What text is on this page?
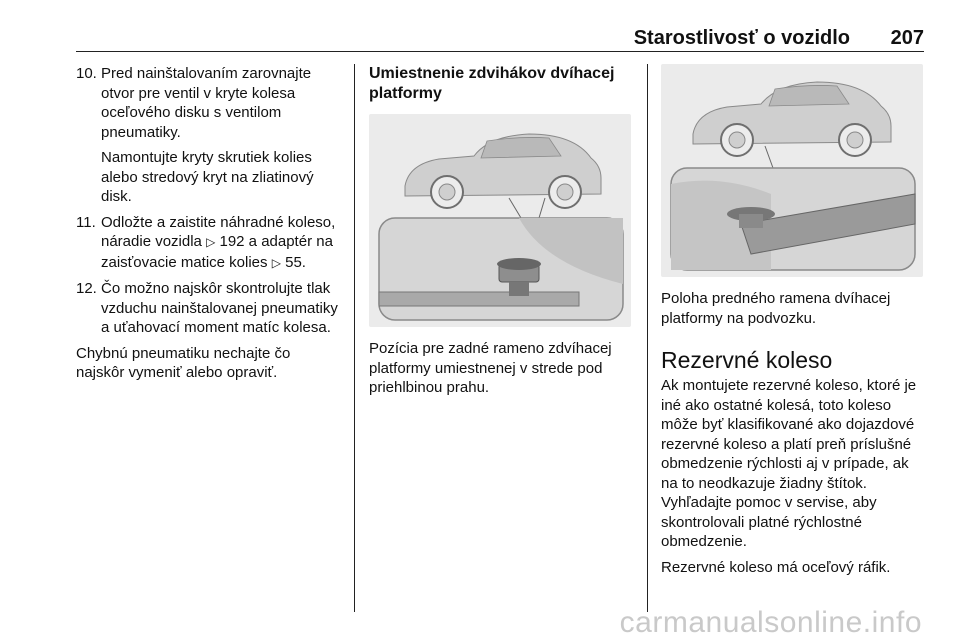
Starostlivosť o vozidlo 207
10. Pred nainštalovaním zarovnajte otvor pre ventil v kryte kolesa oceľového disku s ventilom pneumatiky.

Namontujte kryty skrutiek kolies alebo stredový kryt na zliatinový disk.

11. Odložte a zaistite náhradné koleso, náradie vozidla ▷ 192 a adaptér na zaisťovacie matice kolies ▷ 55.

12. Čo možno najskôr skontrolujte tlak vzduchu nainštalovanej pneumatiky a uťahovací moment matíc kolesa.

Chybnú pneumatiku nechajte čo najskôr vymeniť alebo opraviť.

Umiestnenie zdvihákov dvíhacej platformy

Pozícia pre zadné rameno zdvíhacej platformy umiestnenej v strede pod priehlbinou prahu.

Poloha predného ramena dvíhacej platformy na podvozku.

Rezervné koleso

Ak montujete rezervné koleso, ktoré je iné ako ostatné kolesá, toto koleso môže byť klasifikované ako dojazdové rezervné koleso a platí preň príslušné obmedzenie rýchlosti aj v prípade, ak na to neodkazuje žiadny štítok. Vyhľadajte pomoc v servise, aby skontrolovali platné rýchlostné obmedzenie.

Rezervné koleso má oceľový ráfik.

carmanualsonline.info
